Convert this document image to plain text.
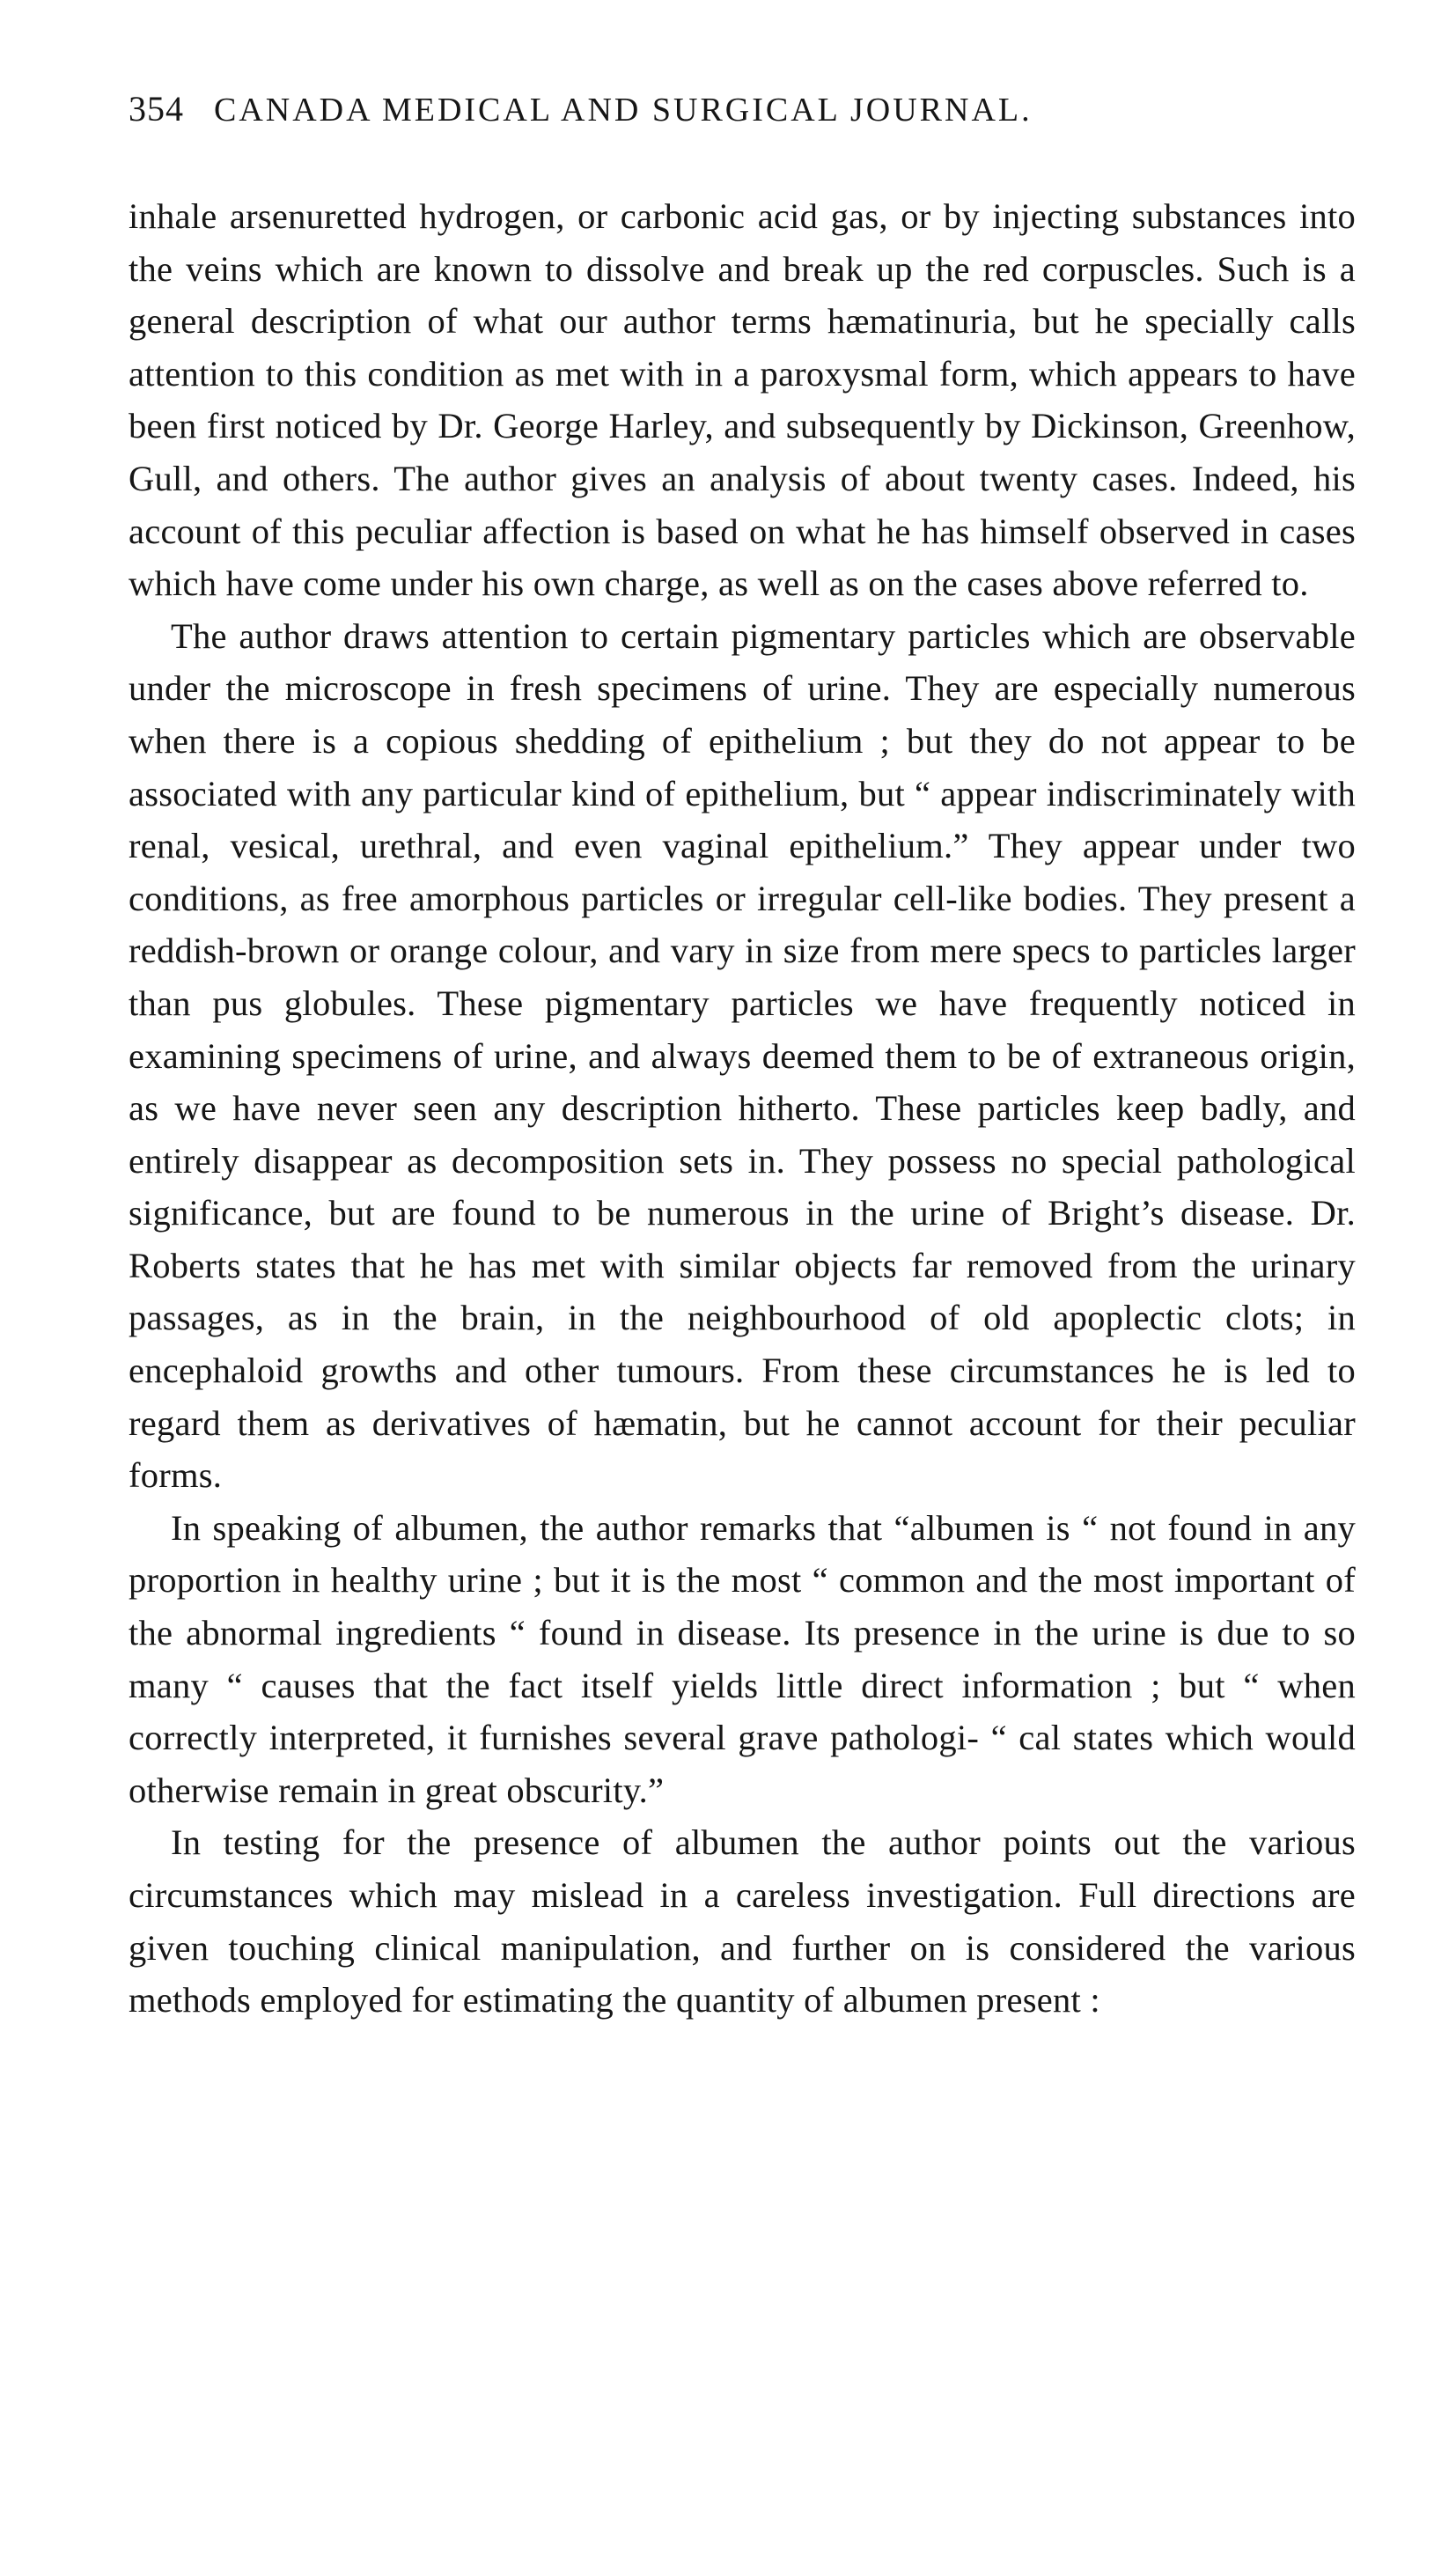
354 CANADA MEDICAL AND SURGICAL JOURNAL.

inhale arsenuretted hydrogen, or carbonic acid gas, or by injecting substances into the veins which are known to dissolve and break up the red corpuscles. Such is a general description of what our author terms hæmatinuria, but he specially calls attention to this condition as met with in a paroxysmal form, which appears to have been first noticed by Dr. George Harley, and subsequently by Dickinson, Greenhow, Gull, and others. The author gives an analysis of about twenty cases. Indeed, his account of this peculiar affection is based on what he has himself observed in cases which have come under his own charge, as well as on the cases above referred to.

The author draws attention to certain pigmentary particles which are observable under the microscope in fresh specimens of urine. They are especially numerous when there is a copious shedding of epithelium ; but they do not appear to be associated with any particular kind of epithelium, but “ appear indiscriminately with renal, vesical, urethral, and even vaginal epithelium.” They appear under two conditions, as free amorphous particles or irregular cell-like bodies. They present a reddish-brown or orange colour, and vary in size from mere specs to particles larger than pus globules. These pigmentary particles we have frequently noticed in examining specimens of urine, and always deemed them to be of extraneous origin, as we have never seen any description hitherto. These particles keep badly, and entirely disappear as decomposition sets in. They possess no special pathological significance, but are found to be numerous in the urine of Bright’s disease. Dr. Roberts states that he has met with similar objects far removed from the urinary passages, as in the brain, in the neighbourhood of old apoplectic clots; in encephaloid growths and other tumours. From these circumstances he is led to regard them as derivatives of hæmatin, but he cannot account for their peculiar forms.

In speaking of albumen, the author remarks that “albumen is “ not found in any proportion in healthy urine ; but it is the most “ common and the most important of the abnormal ingredients “ found in disease. Its presence in the urine is due to so many “ causes that the fact itself yields little direct information ; but “ when correctly interpreted, it furnishes several grave pathologi- “ cal states which would otherwise remain in great obscurity.”

In testing for the presence of albumen the author points out the various circumstances which may mislead in a careless investigation. Full directions are given touching clinical manipulation, and further on is considered the various methods employed for estimating the quantity of albumen present :
